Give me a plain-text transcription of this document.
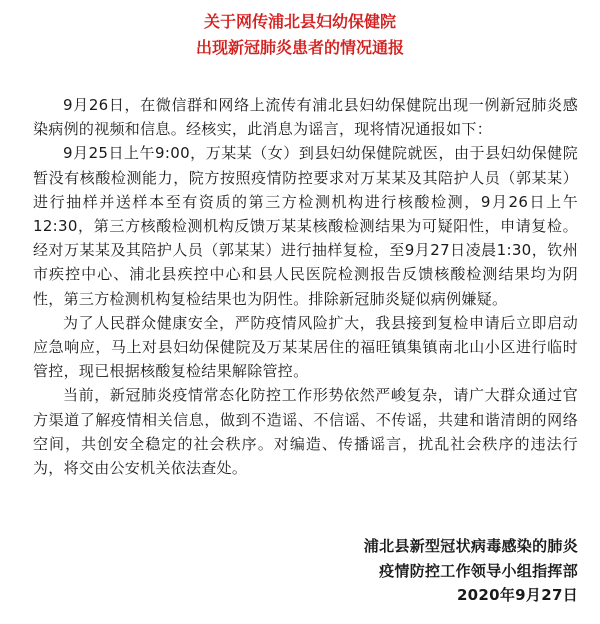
关于网传浦北县妇幼保健院
出现新冠肺炎患者的情况通报

9月26日，在微信群和网络上流传有浦北县妇幼保健院出现一例新冠肺炎感染病例的视频和信息。经核实，此消息为谣言，现将情况通报如下：

9月25日上午9:00，万某某（女）到县妇幼保健院就医，由于县妇幼保健院暂没有核酸检测能力，院方按照疫情防控要求对万某某及其陪护人员（郭某某）进行抽样并送样本至有资质的第三方检测机构进行核酸检测，9月26日上午12:30，第三方核酸检测机构反馈万某某核酸检测结果为可疑阳性，申请复检。经对万某某及其陪护人员（郭某某）进行抽样复检，至9月27日凌晨1:30，钦州市疾控中心、浦北县疾控中心和县人民医院检测报告反馈核酸检测结果均为阴性，第三方检测机构复检结果也为阴性。排除新冠肺炎疑似病例嫌疑。

为了人民群众健康安全，严防疫情风险扩大，我县接到复检申请后立即启动应急响应，马上对县妇幼保健院及万某某居住的福旺镇集镇南北山小区进行临时管控，现已根据核酸复检结果解除管控。

当前，新冠肺炎疫情常态化防控工作形势依然严峻复杂，请广大群众通过官方渠道了解疫情相关信息，做到不造谣、不信谣、不传谣，共建和谐清朗的网络空间，共创安全稳定的社会秩序。对编造、传播谣言，扰乱社会秩序的违法行为，将交由公安机关依法查处。

浦北县新型冠状病毒感染的肺炎
疫情防控工作领导小组指挥部
2020年9月27日
